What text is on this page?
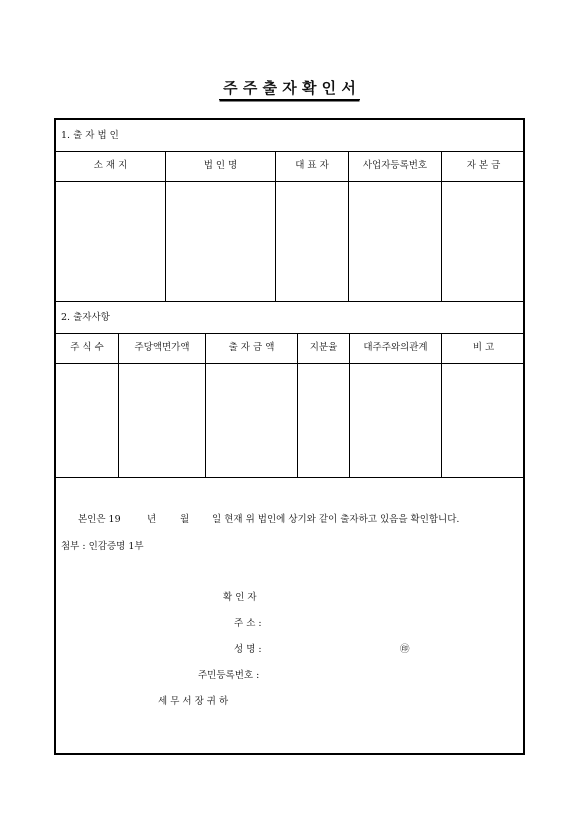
주 주 출 자 확 인 서
1. 출 자 법 인
소 재 지	법 인 명	대 표 자	사업자등록번호	자 본 금
2. 출자사항
주 식 수	주당액면가액	출 자 금 액	지분율	대주주와의관계	비 고
본인은 19	년	월 일 현재 위 법인에 상기와 같이 출자하고 있음을 확인합니다.
첨부 : 인감증명 1부
확 인 자
주 소 :
성 명 :	㊞
주민등록번호 :
세 무 서 장 귀 하
